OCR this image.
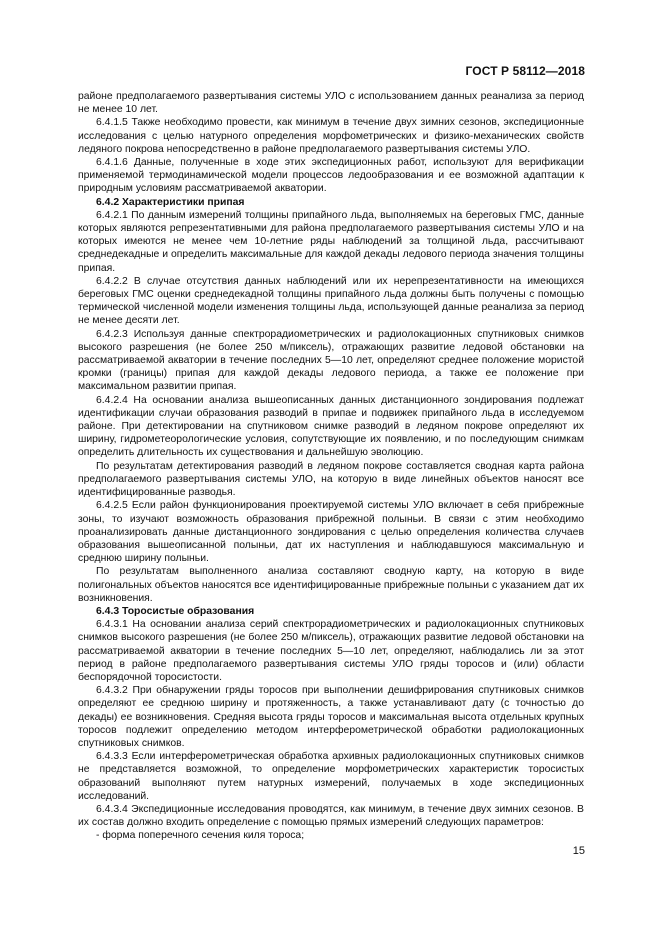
ГОСТ Р 58112—2018

районе предполагаемого развертывания системы УЛО с использованием данных реанализа за период не менее 10 лет.

6.4.1.5 Также необходимо провести, как минимум в течение двух зимних сезонов, экспедиционные исследования с целью натурного определения морфометрических и физико-механических свойств ледяного покрова непосредственно в районе предполагаемого развертывания системы УЛО.

6.4.1.6 Данные, полученные в ходе этих экспедиционных работ, используют для верификации применяемой термодинамической модели процессов ледообразования и ее возможной адаптации к природным условиям рассматриваемой акватории.

6.4.2 Характеристики припая

6.4.2.1 По данным измерений толщины припайного льда, выполняемых на береговых ГМС, данные которых являются репрезентативными для района предполагаемого развертывания системы УЛО и на которых имеются не менее чем 10-летние ряды наблюдений за толщиной льда, рассчитывают среднедекадные и определить максимальные для каждой декады ледового периода значения толщины припая.

6.4.2.2 В случае отсутствия данных наблюдений или их нерепрезентативности на имеющихся береговых ГМС оценки среднедекадной толщины припайного льда должны быть получены с помощью термической численной модели изменения толщины льда, использующей данные реанализа за период не менее десяти лет.

6.4.2.3 Используя данные спектрорадиометрических и радиолокационных спутниковых снимков высокого разрешения (не более 250 м/пиксель), отражающих развитие ледовой обстановки на рассматриваемой акватории в течение последних 5—10 лет, определяют среднее положение мористой кромки (границы) припая для каждой декады ледового периода, а также ее положение при максимальном развитии припая.

6.4.2.4 На основании анализа вышеописанных данных дистанционного зондирования подлежат идентификации случаи образования разводий в припае и подвижек припайного льда в исследуемом районе. При детектировании на спутниковом снимке разводий в ледяном покрове определяют их ширину, гидрометеорологические условия, сопутствующие их появлению, и по последующим снимкам определить длительность их существования и дальнейшую эволюцию.

По результатам детектирования разводий в ледяном покрове составляется сводная карта района предполагаемого развертывания системы УЛО, на которую в виде линейных объектов наносят все идентифицированные разводья.

6.4.2.5 Если район функционирования проектируемой системы УЛО включает в себя прибрежные зоны, то изучают возможность образования прибрежной полыньи. В связи с этим необходимо проанализировать данные дистанционного зондирования с целью определения количества случаев образования вышеописанной полыньи, дат их наступления и наблюдавшуюся максимальную и среднюю ширину полыньи.

По результатам выполненного анализа составляют сводную карту, на которую в виде полигональных объектов наносятся все идентифицированные прибрежные полыньи с указанием дат их возникновения.

6.4.3 Торосистые образования

6.4.3.1 На основании анализа серий спектрорадиометрических и радиолокационных спутниковых снимков высокого разрешения (не более 250 м/пиксель), отражающих развитие ледовой обстановки на рассматриваемой акватории в течение последних 5—10 лет, определяют, наблюдались ли за этот период в районе предполагаемого развертывания системы УЛО гряды торосов и (или) области беспорядочной торосистости.

6.4.3.2 При обнаружении гряды торосов при выполнении дешифрирования спутниковых снимков определяют ее среднюю ширину и протяженность, а также устанавливают дату (с точностью до декады) ее возникновения. Средняя высота гряды торосов и максимальная высота отдельных крупных торосов подлежит определению методом интерферометрической обработки радиолокационных спутниковых снимков.

6.4.3.3 Если интерферометрическая обработка архивных радиолокационных спутниковых снимков не представляется возможной, то определение морфометрических характеристик торосистых образований выполняют путем натурных измерений, получаемых в ходе экспедиционных исследований.

6.4.3.4 Экспедиционные исследования проводятся, как минимум, в течение двух зимних сезонов. В их состав должно входить определение с помощью прямых измерений следующих параметров:

- форма поперечного сечения киля тороса;

15
